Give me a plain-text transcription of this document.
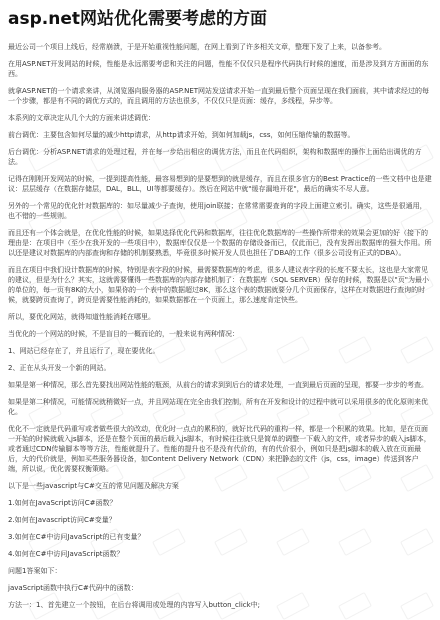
asp.net网站优化需要考虑的方面

最近公司一个项目上线后，经常崩溃，于是开始重视性能问题，在网上看到了许多相关文章，整理下发了上来，以备参考。

在用ASP.NET开发网站的时候，性能是永远需要考虑和关注的问题，性能不仅仅只是程序代码执行时候的速度，而是涉及到方方面面的东西。

就拿ASP.NET的一个请求来讲，从浏览器向服务器的ASP.NET网站发送请求开始一直到最后整个页面呈现在我们面前，其中请求经过的每一个步骤，都是有不同的调优方式的，而且调用的方法也很多，不仅仅只是页面：缓存，多线程，异步等。

本系列的文章决定从几个大的方面来讲述调优：

前台调优：主要包含如何尽量的减少http请求，从http请求开始，到如何加载js，css，如何压缩传输的数据等。

后台调优：分析ASP.NET请求的处理过程，并在每一步给出相应的调优方法，而且在代码组织，架构和数据库的操作上面给出调优的方法。

记得在刚刚开发网站的时候，一提到提高性能，最容易想到的是要想到的就是缓存，而且在很多官方的Best Practice的一些文档中也是建议：层层缓存（在数据存储层，DAL，BLL，UI等都要缓存）。然后在网站中就"缓存漏地开花"，最后的确实不尽人意。

另外的一个常见的优化针对数据库的：如尽量减少子查询，使用join联接；在常常需要查询的字段上面建立索引。确实，这些是很通用，也不错的一些规则。

而且还有一个体会就是，在优化性能的时候，如果选择优化代码和数据库，往往优化数据库的一些操作所带来的效果会更加的好（接下的理由是：在项目中（至少在我开发的一些项目中），数据库仅仅是一个数据的存储设备而已，仅此而已，没有发挥出数据库的强大作用。所以还是建议对数据库的内部查询和存储的机制要熟悉，毕竟很多时候开发人员也担任了DBA的工作（很多公司没有正式的DBA）。

而且在项目中我们设计数据库的时候，特别是表字段的时候，最需要数据库的考虑，很多人建议表字段的长度不要太长，这也是大家常见的建议，但是为什么？其实，这就需要懂得一些数据库的内部存储机制了：在数据库（SQL SERVER）保存的时候，数据是以"页"为最小的单位的，每一页有8K的大小，如果你的一个表中的数据超过8K，那么这个表的数据就要分几个页面保存，这样在对数据进行查询的时候，就要跨页查询了，跨页是需要性能消耗的，如果数据都在一个页面上，那么速度肯定快些。

所以，要优化网站，就得知道性能消耗在哪里。

当优化的一个网站的时候，不是盲目的一概而论的，一般来说有两种情况：

1、网站已经存在了，并且运行了，现在要优化。

2、正在从头开发一个新的网站。

如果是第一种情况，那么首先要找出网站性能的瓶颈，从前台的请求到到后台的请求处理，一直到最后页面的呈现，都要一步步的考查。

如果是第二种情况，可能情况就稍微好一点，并且网站现在完全由我们控制，所有在开发和设计的过程中就可以采用很多的优化原则来优化。

优化不一定就是代码重写或者做些很大的改动，优化时一点点的累积的，就好比代码的重构一样，都是一个积累的效果。比如，是在页面一开始的时候就载入js脚本，还是在整个页面的最后载入js脚本，有时候往往就只是简单的调整一下载入的文件，或者异步的载入js脚本，或者通过CDN传输脚本等等方法，性能就提升了。性能的提升也不是没有代价的，有的代价很小，例如只是把js脚本的载入放在页面最后，大的代价就是，例如买些服务器设备，如Content Delivery Network（CDN）来把静态的文件（js，css，image）传送到客户端，所以说，优化需要权衡策略。

以下是一些javascript与C#交互的常见问题及解决方案

1.如何在JavaScript访问C#函数？

2.如何在Javascript访问C#变量？

3.如何在C#中访问JavaScript的已有变量？

4.如何在C#中访问JavaScript函数？

问题1答案如下：

javaScript函数中执行C#代码中的函数：

方法一：1、首先建立一个按钮，在后台将调用或处理的内容写入button_click中;
